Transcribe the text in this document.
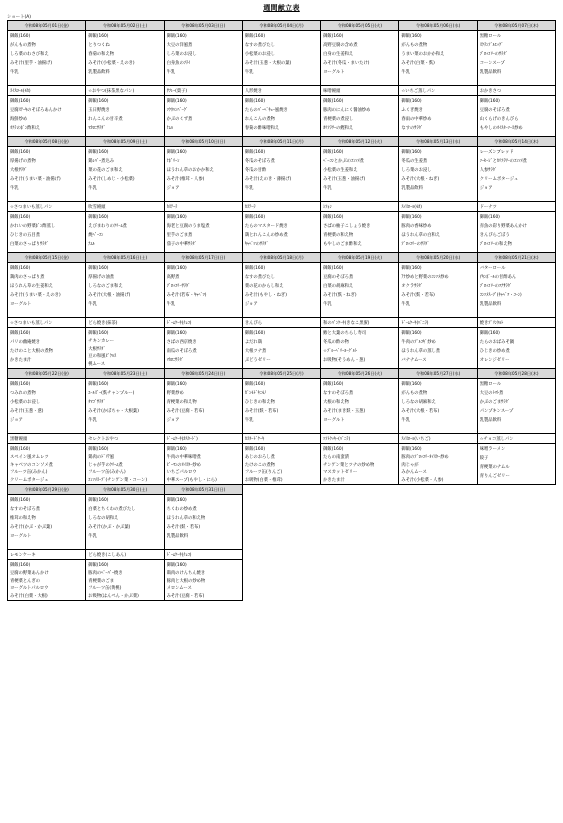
週間献立表
ショート(A)
令和08年05月01日(金)
御飯(160)
がんもの煮物
しろ菜のわさび和え
みそ汁(里芋・油揚げ)
牛乳
ｽｲｽﾛｰﾙ(ﾓｶ)
御飯(160)
豆腐ｽﾃｰｷのそぼろあんかけ
海鮮炒め
ｵｸﾗのﾎﾞﾝ酢和え
令和08年05月02日(土)
御飯(160)
とりつくね
春菊の和え物
みそ汁(小松菜・えのき)
乳製品飲料
☆おやつ(抹茶黒なパン)
御飯(160)
玉日野焼き
れんこんの甘辛煮
ﾏｶﾛﾆｻﾗﾀﾞ
令和08年05月03日(日)
御飯(160)
大豆の洋風煮
しろ菜のお浸し
白身魚のﾌﾗｲ
牛乳
ｻﾌﾚｰ(菓子)
御飯(160)
ﾂｸﾈﾊﾝﾊﾞｰｸﾞ
かぶのくず煮
ﾅﾑﾙ
令和08年05月04日(月)
御飯(160)
なすの煮びたし
小松菜のお浸し
みそ汁(玉葱・大根の葉)
牛乳
人形焼き
御飯(160)
たらのﾊﾞｰﾍﾞｷｭｰ風焼き
れんこんの煮物
春菊の酢味噌和え
令和08年05月05日(火)
御飯(160)
高野豆腐の含め煮
白身の生姜和え
みそ汁(冬瓜・まいたけ)
ヨーグルト
味噌饅頭
御飯(160)
豚肉のにんにく醤油炒め
青梗菜の煮浸し
ｶﾘﾌﾗﾜｰの鰹和え
令和08年05月06日(水)
御飯(160)
がんもの煮物
うまい菜のおかか和え
みそ汁(白菜・麩)
牛乳
☆いちご蒸しパン
御飯(160)
ふくぎ焼き
春雨の中華炒め
なすのｻﾗﾀﾞ
令和08年05月07日(木)
黒糖ロール
ｽｸﾗﾝﾌﾞﾙｴｯｸﾞ
ﾌﾞﾛｯｺﾘｰのｻﾗﾀﾞ
コーンスープ
乳製品飲料
おかきさつ
御飯(160)
豆腐のそぼろ煮
山くらげのきんぴら
もやしのｵｲｽﾀｰｿｰｽ炒め
令和08年05月08日(金)
御飯(160)
厚揚げの煮物
大根ｻﾗﾀﾞ
みそ汁(うまい菜・油揚げ)
牛乳
☆さつまいも蒸しパン
御飯(160)
かれいの野菜ﾎﾞﾝ酢蒸し
ひじきの五目煮
白菜のさっぱりｻﾗﾀﾞ
令和08年05月09日(土)
御飯(160)
鶏ﾚﾊﾞｰ煮込み
菜の花のごま和え
みそ汁(しめじ・小松菜)
牛乳
吹雪饅頭
御飯(160)
えびまわりのｸﾘｰﾑ煮
焼ﾍﾟｰｺﾝ
ﾅﾑﾙ
令和08年05月10日(日)
御飯(160)
ﾅﾎﾟﾘｰﾝ
ほうれん草のおかか和え
みそ汁(椎茸・人参)
ジョア
ｶｽﾃｰﾗ
御飯(160)
海老と豆腐のうま塩煮
里芋のごま煮
茄子の中華ｻﾗﾀﾞ
令和08年05月11日(月)
御飯(160)
冬瓜のそぼろ煮
冬瓜の甘酢
みそ汁(えのき・薄揚げ)
牛乳
ｶｽﾃｰﾗ
御飯(160)
たらのマスタード焼き
鶏とれんこんの炒め煮
ｷｬﾍﾞﾂのｻﾗﾀﾞ
令和08年05月12日(火)
御飯(160)
ﾍﾞｰｺﾝとかぶのｺﾝｿﾒ煮
小松菜の生姜和え
みそ汁(玉葱・油揚げ)
牛乳
ｼﾌｫﾝ
御飯(160)
さばの柚子こしょう焼き
青梗菜の和え物
もやしのごま酢和え
令和08年05月13日(水)
御飯(160)
冬瓜の生姜煮
しろ菜のお浸し
みそ汁(大根・ねぎ)
乳製品飲料
ｽｲｽﾛｰﾙ(ﾓｶ)
御飯(160)
豚肉の香味炒め
ほうれん草の白和え
ﾌﾞﾛｯｺﾘｰのｻﾗﾀﾞ
令和08年05月14日(木)
レーズンブレッド
ｿｰｾｰｼﾞとｶﾘﾌﾗﾜｰのｺﾝｿﾒ煮
人参ｻﾗﾀﾞ
クリームポタージュ
ジョア
ドーナツ
御飯(160)
赤魚の彩り野菜あんかけ
きんぴらごぼう
ﾌﾞﾛｯｺﾘｰの和え物
令和08年05月15日(金)
御飯(160)
鶏肉のさっぱり煮
ほうれん草の生姜和え
みそ汁(うまい菜・えのき)
ヨーグルト
☆さつまいも蒸しパン
御飯(160)
パリの幽庵焼き
たけのこと大根の煮物
かきたま汁
令和08年05月16日(土)
御飯(160)
厚揚げの油煮
しろなのごま和え
みそ汁(大根・油揚げ)
牛乳
どら焼き(抹茶)
御飯(160)
チキンカレー
大根ｻﾗﾀﾞ
豆の和風ﾋﾟｸﾙｽ
桃ムース
令和08年05月17日(日)
御飯(160)
高野煮
ﾌﾞﾛｯｺﾘｰｻﾗﾀﾞ
みそ汁(若布・ｷｬﾍﾞﾂ)
牛乳
ﾄﾞｰﾑｹｰｷ(ﾁｮｺ)
御飯(160)
さばの西京焼き
南瓜のそぼろ煮
ﾏｶﾛﾆｻﾗﾀﾞ
令和08年05月18日(月)
御飯(160)
なすの煮びたし
菜の花のからし和え
みそ汁(もやし・ねぎ)
ジョア
きんぴら
御飯(160)
よだれ鶏
大根ツナ煮
ぶどうゼリー
令和08年05月19日(火)
御飯(160)
豆腐のそぼろ煮
白菜の胡麻和え
みそ汁(麩・ねぎ)
牛乳
和のﾊﾟﾝｹｰｷ(きなこ黒蜜)
鯵と大葉のちらし寿司
冬瓜の酢の物
☆ﾌﾞﾙｰﾍﾞﾘｰﾖｰｸﾞﾙﾄ
お吸物(そうめん・葱)
令和08年05月20日(水)
御飯(160)
ｱﾅ炒めと野菜のｺﾝｿﾒ炒め
オクラｻﾗﾀﾞ
みそ汁(麩・若布)
牛乳
ﾄﾞｰﾑｹｰｷ(ﾊﾞﾆﾗ)
御飯(160)
牛肉のﾌﾟﾙｺｷﾞ炒め
ほうれん草の蒸し煮
バナナムース
令和08年05月21日(木)
バターロール
ﾁｷﾝﾎﾞｰﾙの甘酢あん
ﾌﾞﾛｯｺﾘｰのﾂﾅｻﾗﾀﾞ
ｺﾝｿﾒｽｰﾌﾟ(ｷｬﾍﾞﾂ・ｺｰﾝ)
乳製品飲料
焼きﾌﾟﾘﾝﾀﾙﾄ
御飯(160)
たらのおばみそ鍋
ひじきの炒め煮
オレンジゼリー
令和08年05月22日(金)
御飯(160)
つみれの煮物
小松菜のお浸し
みそ汁(玉葱・葱)
ジョア
黒糖饅頭
御飯(160)
スペイン風オムレツ
キャベツのコンソメ煮
フルーツ缶(みかん)
クリームポタージュ
令和08年05月23日(土)
御飯(160)
ｴｰﾙｽﾞｰ(麩チャンプルー)
ﾀﾏｺﾞｻﾗﾀﾞ
みそ汁(かぼちゃ・大根葉)
牛乳
セレクトおやつ
御飯(160)
鶏肉のﾄﾞﾘｱ風
じゃが芋のｸﾘｰﾑ煮
フルーツ缶(みかん)
ｺﾝｿﾒｽｰﾌﾟ(チンゲン菜・コーン)
令和08年05月24日(日)
御飯(160)
野菜炒め
青梗菜の和え物
みそ汁(豆腐・若布)
ジョア
ﾄﾞｰﾑｹｰｷ(ｶｽﾀｰﾄﾞ)
御飯(160)
牛肉の中華味噌煮
ﾋﾟｰﾏﾝのｵｲｽﾀｰ炒め
いちごパルロウ
中華スープ(もやし・にら)
令和08年05月25日(月)
御飯(160)
ｶﾞﾝﾓﾄﾞｷﾆﾓﾉ
ひじきの和え物
みそ汁(麩・若布)
牛乳
ｶｽﾀｰﾄﾞｹｰｷ
御飯(160)
あじのおろし煮
たけのこの煮物
フルーツ缶(りんご)
お吸物(白菜・椎茸)
令和08年05月26日(火)
御飯(160)
なすのそぼろ煮
大根の和え物
みそ汁(まき麩・玉葱)
ヨーグルト
ｿﾌﾄｸｯｷｰ(ﾊﾞﾆﾗ)
御飯(160)
たらの南蛮漬
チンゲン菜とツナの炒め物
マスカットゼリー
かきたま汁
令和08年05月27日(水)
御飯(160)
がんもの煮物
しろなの胡麻和え
みそ汁(大根・若布)
牛乳
ｽｲｽﾛｰﾙ(いちご)
御飯(160)
豚肉のﾌﾞﾛｯｺﾘｰｵｲｽﾀｰ炒め
肉じゃが
みかんムース
みそ汁(小松菜・人参)
令和08年05月28日(木)
黒糖ロール
大豆のﾄﾏﾄ煮
かぶのごまｻﾗﾀﾞ
パンプキンスープ
乳製品飲料
☆チョコ蒸しパン
味噌ラーメン
餃子
青梗菜のナムル
青りんごゼリー
令和08年05月29日(金)
御飯(160)
なすのそぼろ煮
椎茸の和え物
みそ汁(かぶ・かぶ葉)
ヨーグルト
レモンケーキ
御飯(160)
豆腐の野菜あんかけ
青梗菜とんぎの
ヨーグルトパルロウ
みそ汁(白菜・大根)
令和08年05月30日(土)
御飯(160)
白菜とちくわの煮びたし
しろなの胡和え
みそ汁(かぶ・かぶ葉)
牛乳
どら焼き(こしあん)
御飯(160)
豚肉のﾍﾟｰﾊﾟｰ焼き
青梗菜のごま
フルーツ缶(黄桃)
お吸物(はんぺん・かぶ菜)
令和08年05月31日(日)
御飯(160)
ちくわの炒め煮
ほうれん草の和え物
みそ汁(麩・若布)
乳製品飲料
ﾄﾞｰﾑｹｰｷ(ﾁｮｺ)
御飯(160)
鶏肉のけんちん焼き
豚肉と大根の炒め物
メロンムース
みそ汁(豆腐・若布)
